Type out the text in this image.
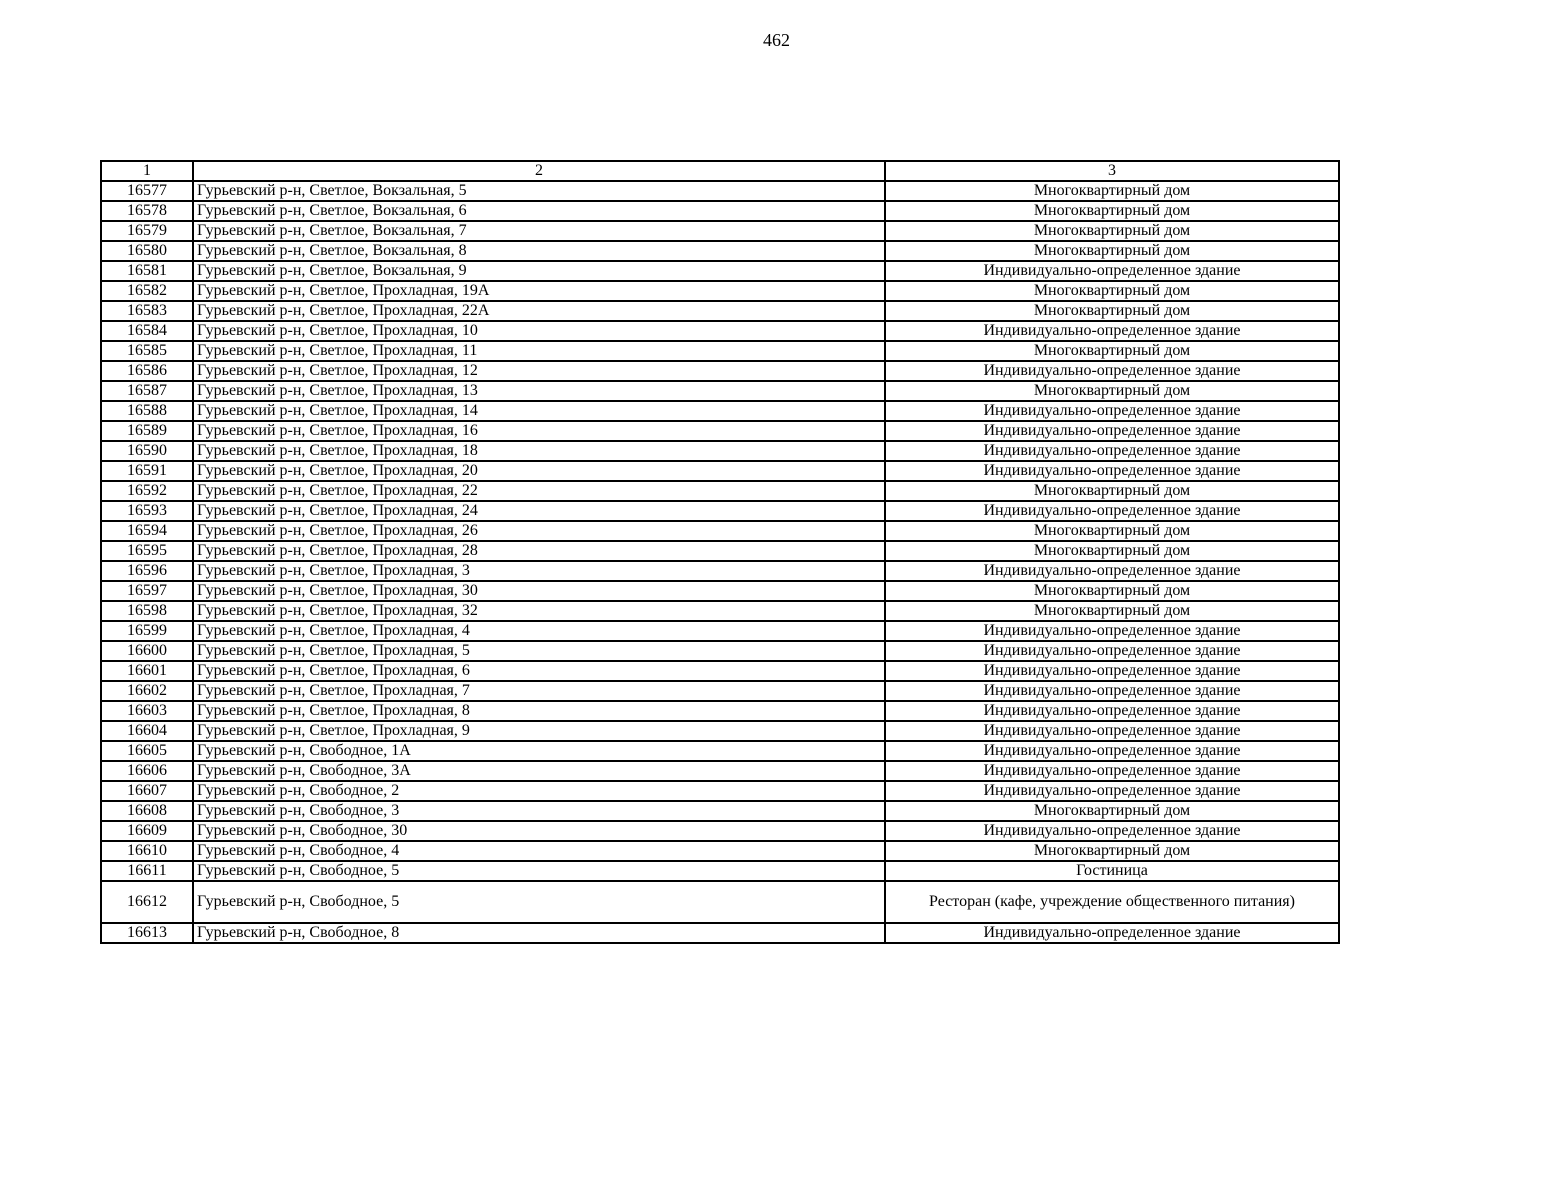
462
1	2	3
16577	Гурьевский р-н, Светлое, Вокзальная, 5	Многоквартирный дом
16578	Гурьевский р-н, Светлое, Вокзальная, 6	Многоквартирный дом
16579	Гурьевский р-н, Светлое, Вокзальная, 7	Многоквартирный дом
16580	Гурьевский р-н, Светлое, Вокзальная, 8	Многоквартирный дом
16581	Гурьевский р-н, Светлое, Вокзальная, 9	Индивидуально-определенное здание
16582	Гурьевский р-н, Светлое, Прохладная, 19А	Многоквартирный дом
16583	Гурьевский р-н, Светлое, Прохладная, 22А	Многоквартирный дом
16584	Гурьевский р-н, Светлое, Прохладная, 10	Индивидуально-определенное здание
16585	Гурьевский р-н, Светлое, Прохладная, 11	Многоквартирный дом
16586	Гурьевский р-н, Светлое, Прохладная, 12	Индивидуально-определенное здание
16587	Гурьевский р-н, Светлое, Прохладная, 13	Многоквартирный дом
16588	Гурьевский р-н, Светлое, Прохладная, 14	Индивидуально-определенное здание
16589	Гурьевский р-н, Светлое, Прохладная, 16	Индивидуально-определенное здание
16590	Гурьевский р-н, Светлое, Прохладная, 18	Индивидуально-определенное здание
16591	Гурьевский р-н, Светлое, Прохладная, 20	Индивидуально-определенное здание
16592	Гурьевский р-н, Светлое, Прохладная, 22	Многоквартирный дом
16593	Гурьевский р-н, Светлое, Прохладная, 24	Индивидуально-определенное здание
16594	Гурьевский р-н, Светлое, Прохладная, 26	Многоквартирный дом
16595	Гурьевский р-н, Светлое, Прохладная, 28	Многоквартирный дом
16596	Гурьевский р-н, Светлое, Прохладная, 3	Индивидуально-определенное здание
16597	Гурьевский р-н, Светлое, Прохладная, 30	Многоквартирный дом
16598	Гурьевский р-н, Светлое, Прохладная, 32	Многоквартирный дом
16599	Гурьевский р-н, Светлое, Прохладная, 4	Индивидуально-определенное здание
16600	Гурьевский р-н, Светлое, Прохладная, 5	Индивидуально-определенное здание
16601	Гурьевский р-н, Светлое, Прохладная, 6	Индивидуально-определенное здание
16602	Гурьевский р-н, Светлое, Прохладная, 7	Индивидуально-определенное здание
16603	Гурьевский р-н, Светлое, Прохладная, 8	Индивидуально-определенное здание
16604	Гурьевский р-н, Светлое, Прохладная, 9	Индивидуально-определенное здание
16605	Гурьевский р-н, Свободное, 1А	Индивидуально-определенное здание
16606	Гурьевский р-н, Свободное, 3А	Индивидуально-определенное здание
16607	Гурьевский р-н, Свободное, 2	Индивидуально-определенное здание
16608	Гурьевский р-н, Свободное, 3	Многоквартирный дом
16609	Гурьевский р-н, Свободное, 30	Индивидуально-определенное здание
16610	Гурьевский р-н, Свободное, 4	Многоквартирный дом
16611	Гурьевский р-н, Свободное, 5	Гостиница
16612	Гурьевский р-н, Свободное, 5	Ресторан (кафе, учреждение общественного питания)
16613	Гурьевский р-н, Свободное, 8	Индивидуально-определенное здание
